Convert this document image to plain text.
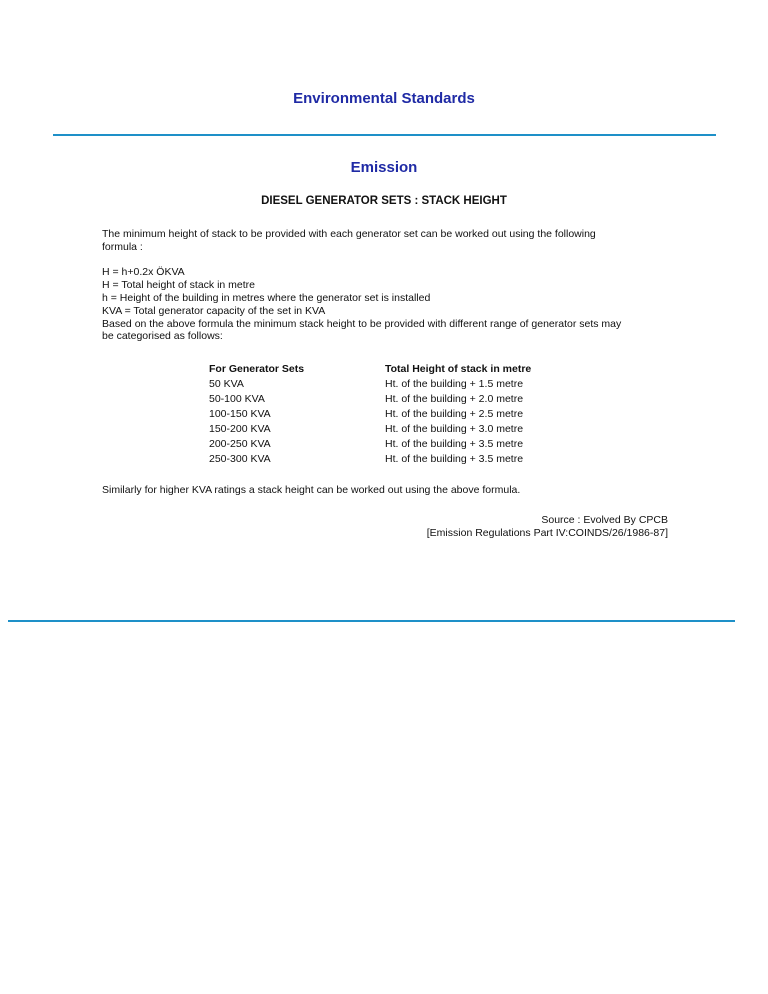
Environmental Standards
Emission
DIESEL GENERATOR SETS : STACK HEIGHT

The minimum height of stack to be provided with each generator set can be worked out using the following

formula :

H = h+0.2x ÖKVA

H = Total height of stack in metre

h = Height of the building in metres where the generator set is installed

KVA = Total generator capacity of the set in KVA

Based on the above formula the minimum stack height to be provided with different range of generator sets may

be categorised as follows:

For Generator Sets	Total Height of stack in metre
50 KVA	Ht. of the building + 1.5 metre
50-100 KVA	Ht. of the building + 2.0 metre
100-150 KVA	Ht. of the building + 2.5 metre
150-200 KVA	Ht. of the building + 3.0 metre
200-250 KVA	Ht. of the building + 3.5 metre
250-300 KVA	Ht. of the building + 3.5 metre

Similarly for higher KVA ratings a stack height can be worked out using the above formula.

Source : Evolved By CPCB

[Emission Regulations Part IV:COINDS/26/1986-87]
